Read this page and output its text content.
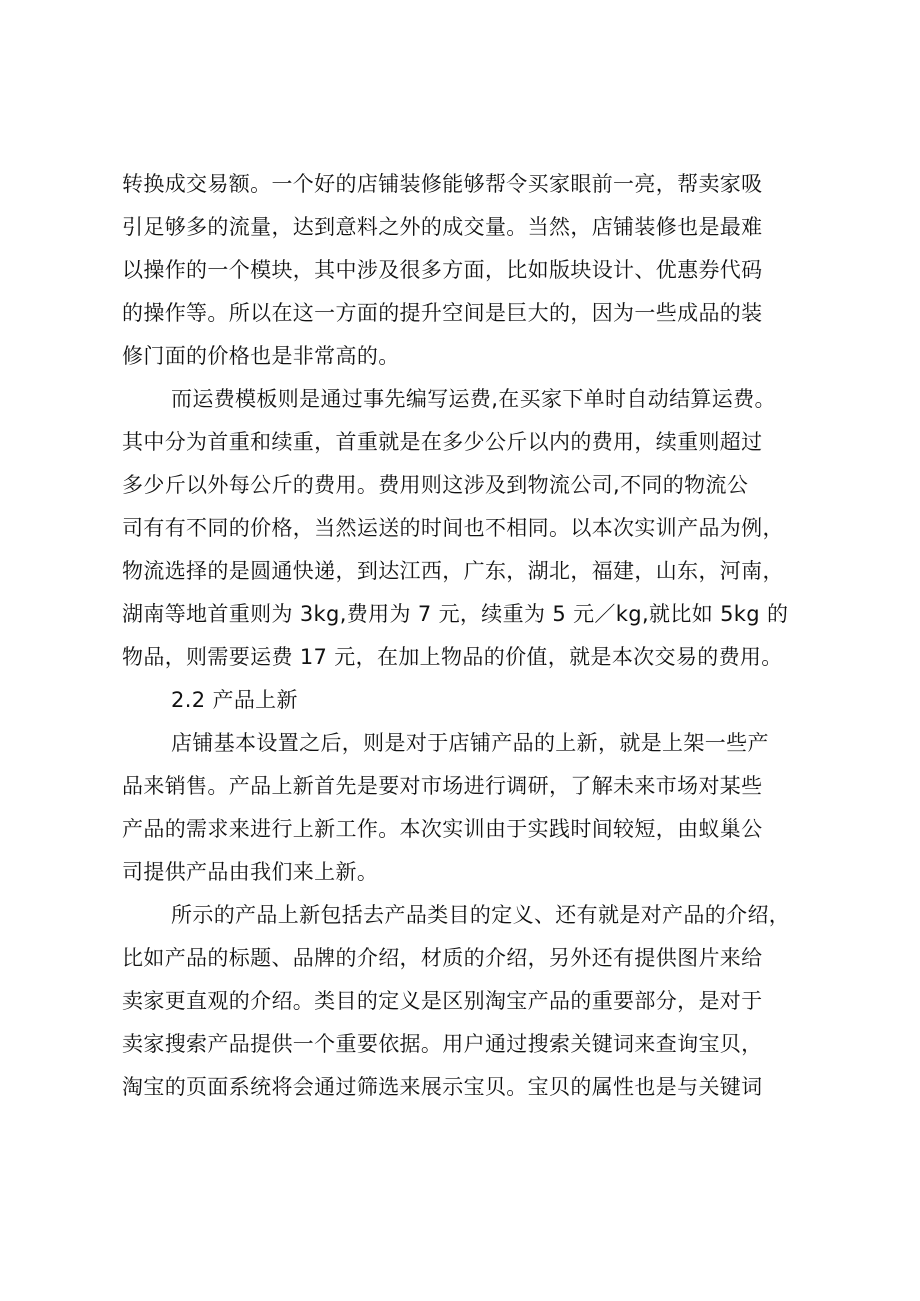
转换成交易额。一个好的店铺装修能够帮令买家眼前一亮，帮卖家吸
引足够多的流量，达到意料之外的成交量。当然，店铺装修也是最难
以操作的一个模块，其中涉及很多方面，比如版块设计、优惠券代码
的操作等。所以在这一方面的提升空间是巨大的，因为一些成品的装
修门面的价格也是非常高的。
而运费模板则是通过事先编写运费,在买家下单时自动结算运费。
其中分为首重和续重，首重就是在多少公斤以内的费用，续重则超过
多少斤以外每公斤的费用。费用则这涉及到物流公司,不同的物流公
司有有不同的价格，当然运送的时间也不相同。以本次实训产品为例，
物流选择的是圆通快递，到达江西，广东，湖北，福建，山东，河南，
湖南等地首重则为 3kg,费用为 7 元，续重为 5 元／kg,就比如 5kg 的
物品，则需要运费 17 元，在加上物品的价值，就是本次交易的费用。
2.2 产品上新
店铺基本设置之后，则是对于店铺产品的上新，就是上架一些产
品来销售。产品上新首先是要对市场进行调研，了解未来市场对某些
产品的需求来进行上新工作。本次实训由于实践时间较短，由蚁巢公
司提供产品由我们来上新。
所示的产品上新包括去产品类目的定义、还有就是对产品的介绍，
比如产品的标题、品牌的介绍，材质的介绍，另外还有提供图片来给
卖家更直观的介绍。类目的定义是区别淘宝产品的重要部分，是对于
卖家搜索产品提供一个重要依据。用户通过搜索关键词来查询宝贝，
淘宝的页面系统将会通过筛选来展示宝贝。宝贝的属性也是与关键词
